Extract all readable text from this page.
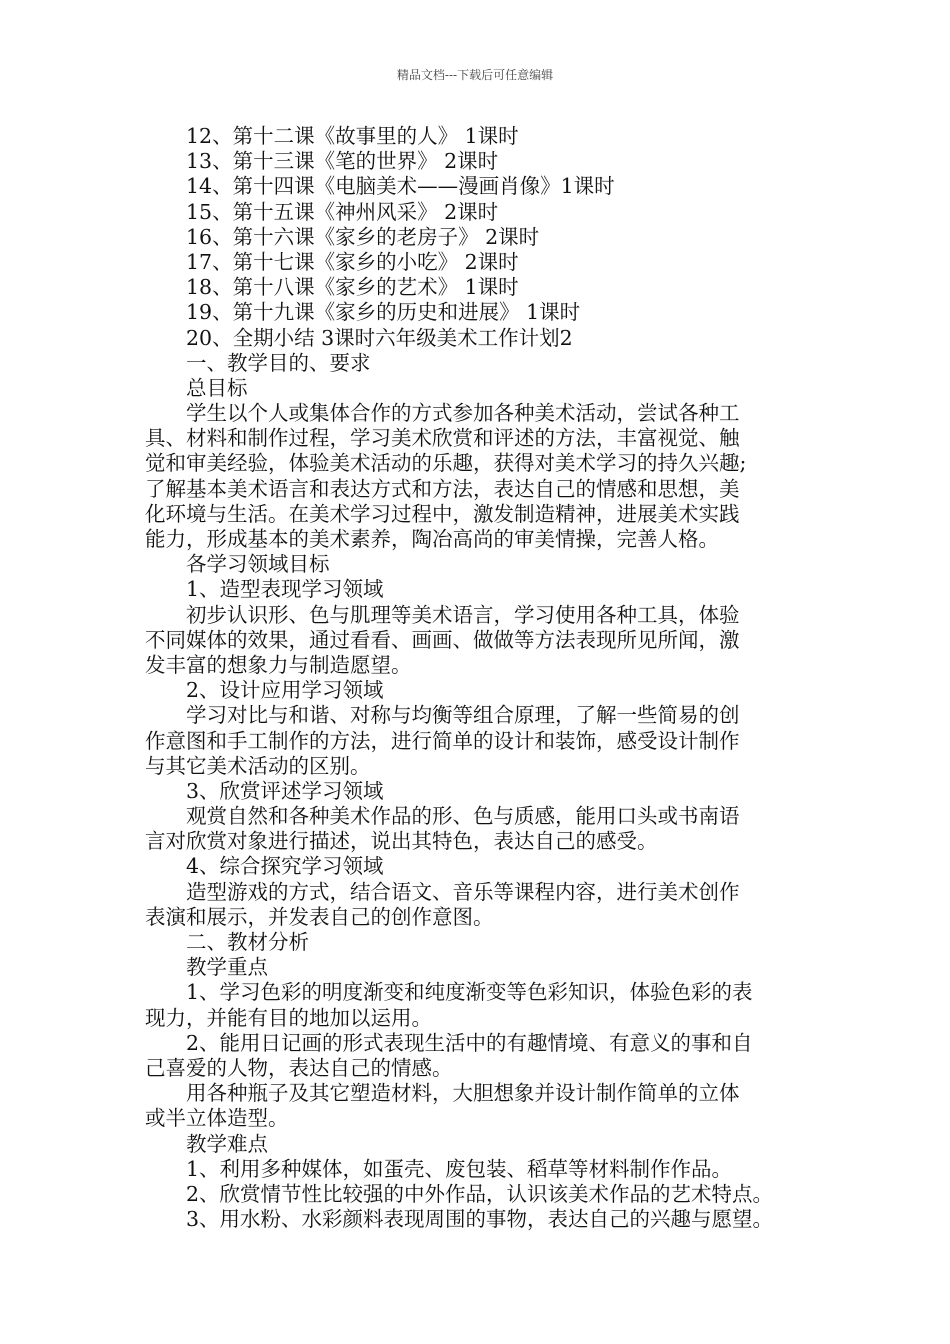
精品文档---下载后可任意编辑
12、第十二课《故事里的人》 1课时
13、第十三课《笔的世界》 2课时
14、第十四课《电脑美术——漫画肖像》1课时
15、第十五课《神州风采》 2课时
16、第十六课《家乡的老房子》 2课时
17、第十七课《家乡的小吃》 2课时
18、第十八课《家乡的艺术》 1课时
19、第十九课《家乡的历史和进展》 1课时
20、全期小结 3课时六年级美术工作计划2
一、教学目的、要求
总目标
学生以个人或集体合作的方式参加各种美术活动，尝试各种工
具、材料和制作过程，学习美术欣赏和评述的方法，丰富视觉、触
觉和审美经验，体验美术活动的乐趣，获得对美术学习的持久兴趣;
了解基本美术语言和表达方式和方法，表达自己的情感和思想，美
化环境与生活。在美术学习过程中，激发制造精神，进展美术实践
能力，形成基本的美术素养，陶冶高尚的审美情操，完善人格。
各学习领域目标
1、造型表现学习领域
初步认识形、色与肌理等美术语言，学习使用各种工具，体验
不同媒体的效果，通过看看、画画、做做等方法表现所见所闻，激
发丰富的想象力与制造愿望。
2、设计应用学习领域
学习对比与和谐、对称与均衡等组合原理，了解一些简易的创
作意图和手工制作的方法，进行简单的设计和装饰，感受设计制作
与其它美术活动的区别。
3、欣赏评述学习领域
观赏自然和各种美术作品的形、色与质感，能用口头或书南语
言对欣赏对象进行描述，说出其特色，表达自己的感受。
4、综合探究学习领域
造型游戏的方式，结合语文、音乐等课程内容，进行美术创作
表演和展示，并发表自己的创作意图。
二、教材分析
教学重点
1、学习色彩的明度渐变和纯度渐变等色彩知识，体验色彩的表
现力，并能有目的地加以运用。
2、能用日记画的形式表现生活中的有趣情境、有意义的事和自
己喜爱的人物，表达自己的情感。
用各种瓶子及其它塑造材料，大胆想象并设计制作简单的立体
或半立体造型。
教学难点
1、利用多种媒体，如蛋壳、废包装、稻草等材料制作作品。
2、欣赏情节性比较强的中外作品，认识该美术作品的艺术特点。
3、用水粉、水彩颜料表现周围的事物，表达自己的兴趣与愿望。
